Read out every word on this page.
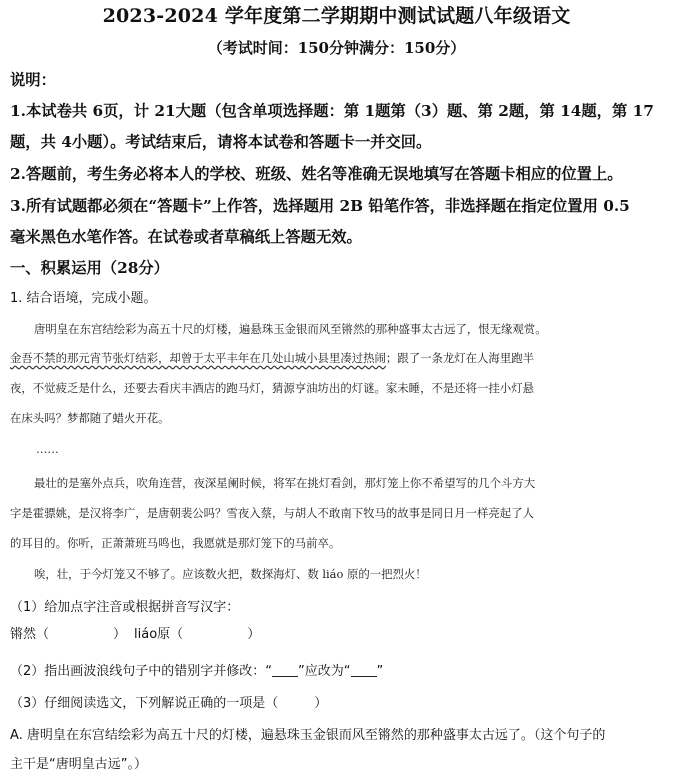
2023-2024 学年度第二学期期中测试试题八年级语文
（考试时间：150分钟满分：150分）
说明：
1.本试卷共 6页，计 21大题（包含单项选择题：第 1题第（3）题、第 2题，第 14题，第 17
题，共 4小题）。考试结束后，请将本试卷和答题卡一并交回。
2.答题前，考生务必将本人的学校、班级、姓名等准确无误地填写在答题卡相应的位置上。
3.所有试题都必须在“答题卡”上作答，选择题用 2B 铅笔作答，非选择题在指定位置用 0.5
毫米黑色水笔作答。在试卷或者草稿纸上答题无效。
一、积累运用（28分）
1. 结合语境，完成小题。
唐明皇在东宫结绘彩为高五十尺的灯楼，遍悬珠玉金银而风至锵然的那种盛事太古远了，恨无缘观赏。
金吾不禁的那元宵节张灯结彩，却曾于太平丰年在几处山城小县里凑过热闹；跟了一条龙灯在人海里跑半
夜，不觉疲乏是什么，还要去看庆丰酒店的跑马灯，猜源亨油坊出的灯谜。家未睡，不是还将一挂小灯悬
在床头吗？梦都随了蜡火开花。
……
最壮的是塞外点兵，吹角连营，夜深星阑时候，将军在挑灯看剑，那灯笼上你不希望写的几个斗方大
字是霍骠姚，是汉将李广，是唐朝裴公吗？雪夜入蔡，与胡人不敢南下牧马的故事是同日月一样亮起了人
的耳目的。你听，正萧萧班马鸣也，我愿就是那灯笼下的马前卒。
唉，壮，于今灯笼又不够了。应该数火把，数探海灯、数 liáo 原的一把烈火！
（1）给加点字注音或根据拼音写汉字：
锵然（	） liáo原（	）
（2）指出画波浪线句子中的错别字并修改：“ ”应改为“ ”
（3）仔细阅读选文，下列解说正确的一项是（	）
A. 唐明皇在东宫结绘彩为高五十尺的灯楼，遍悬珠玉金银而风至锵然的那种盛事太古远了。（这个句子的
主干是“唐明皇古远”。）
